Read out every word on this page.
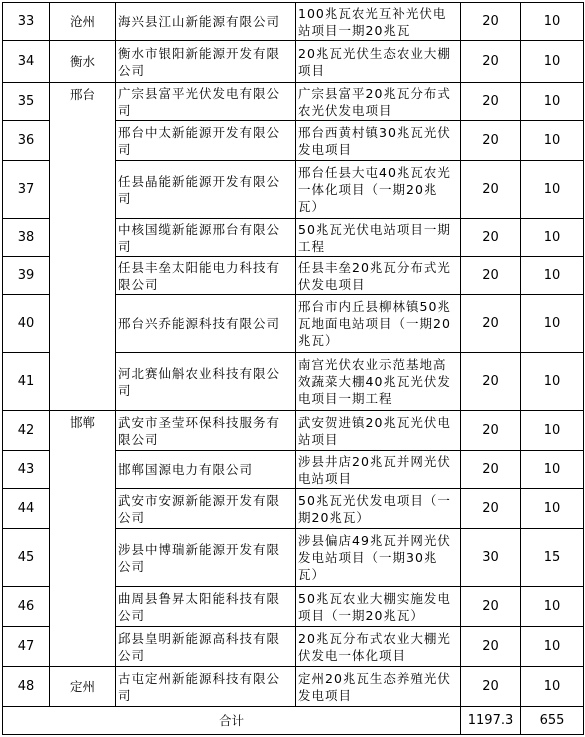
33	沧州	海兴县江山新能源有限公司	100兆瓦农光互补光伏电站项目一期20兆瓦	20	10
34	衡水	衡水市银阳新能源开发有限公司	20兆瓦光伏生态农业大棚项目	20	10
35	邢台	广宗县富平光伏发电有限公司	广宗县富平20兆瓦分布式农光伏发电项目	20	10
36		邢台中太新能源开发有限公司	邢台西黄村镇30兆瓦光伏发电项目	20	10
37		任县晶能新能源开发有限公司	邢台任县大屯40兆瓦农光一体化项目（一期20兆瓦）	20	10
38		中核国缆新能源邢台有限公司	50兆瓦光伏电站项目一期工程	20	10
39		任县丰垒太阳能电力科技有限公司	任县丰垒20兆瓦分布式光伏发电项目	20	10
40		邢台兴乔能源科技有限公司	邢台市内丘县柳林镇50兆瓦地面电站项目（一期20兆瓦）	20	10
41		河北赛仙斛农业科技有限公司	南宫光伏农业示范基地高效蔬菜大棚40兆瓦光伏发电项目一期工程	20	10
42	邯郸	武安市圣莹环保科技服务有限公司	武安贺进镇20兆瓦光伏电站项目	20	10
43		邯郸国源电力有限公司	涉县井店20兆瓦并网光伏电站项目	20	10
44		武安市安源新能源开发有限公司	50兆瓦光伏发电项目（一期20兆瓦）	20	10
45		涉县中博瑞新能源开发有限公司	涉县偏店49兆瓦并网光伏发电站项目（一期30兆瓦）	30	15
46		曲周县鲁昇太阳能科技有限公司	50兆瓦农业大棚实施发电项目（一期20兆瓦）	20	10
47		邱县皇明新能源高科技有限公司	20兆瓦分布式农业大棚光伏发电一体化项目	20	10
48	定州	古屯定州新能源科技有限公司	定州20兆瓦生态养殖光伏发电项目	20	10
合计				1197.3	655
